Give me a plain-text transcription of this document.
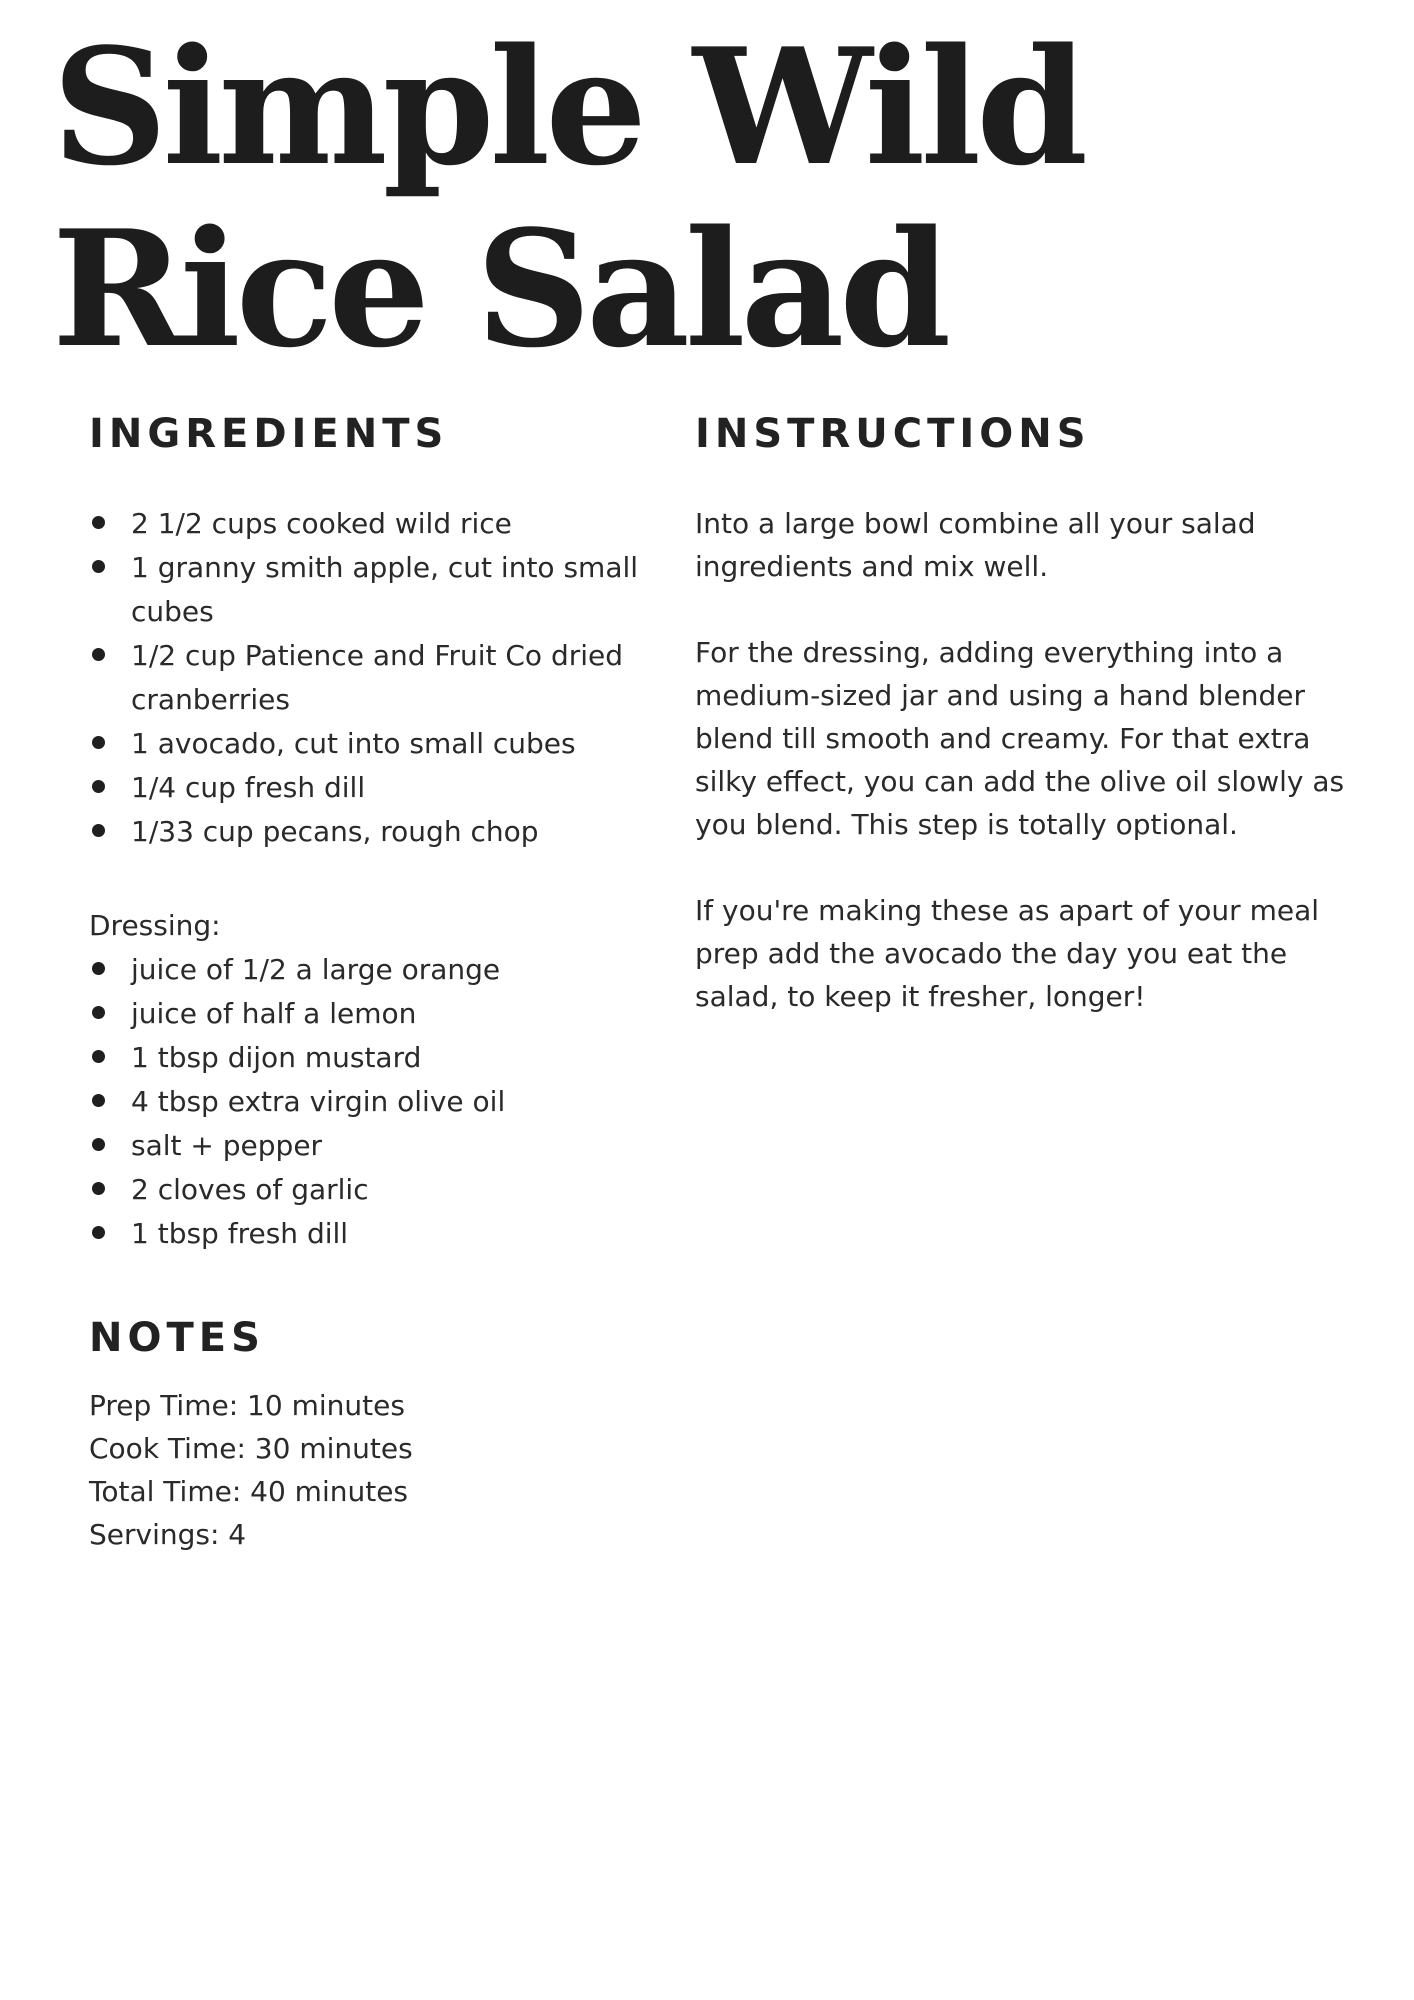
Simple Wild
Rice Salad
INGREDIENTS
2 1/2 cups cooked wild rice
1 granny smith apple, cut into small cubes
1/2 cup Patience and Fruit Co dried cranberries
1 avocado, cut into small cubes
1/4 cup fresh dill
1/33 cup pecans, rough chop

Dressing:

juice of 1/2 a large orange
juice of half a lemon
1 tbsp dijon mustard
4 tbsp extra virgin olive oil
salt + pepper
2 cloves of garlic
1 tbsp fresh dill
NOTES
Prep Time: 10 minutes
Cook Time: 30 minutes
Total Time: 40 minutes
Servings: 4
INSTRUCTIONS

Into a large bowl combine all your salad ingredients and mix well.

For the dressing, adding everything into a medium-sized jar and using a hand blender blend till smooth and creamy. For that extra silky effect, you can add the olive oil slowly as you blend. This step is totally optional.

If you're making these as apart of your meal prep add the avocado the day you eat the salad, to keep it fresher, longer!
